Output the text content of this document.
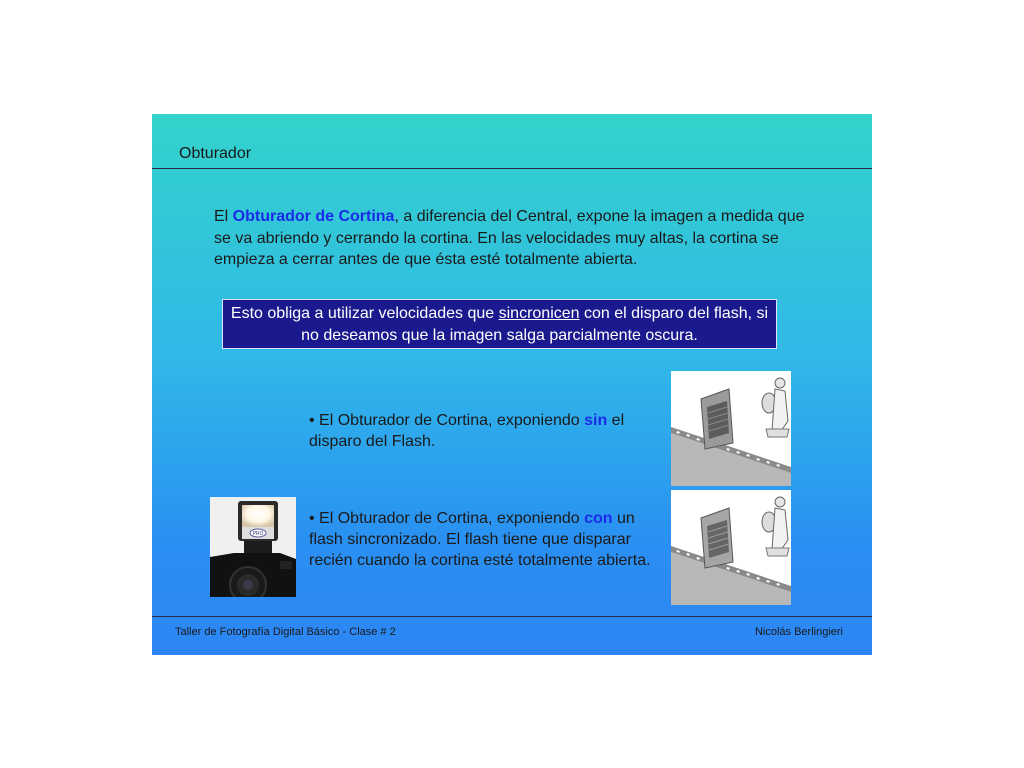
Obturador
El Obturador de Cortina, a diferencia del Central, expone la imagen a medida que se va abriendo y cerrando la cortina. En las velocidades muy altas, la cortina se empieza a cerrar antes de que ésta esté totalmente abierta.
Esto obliga a utilizar velocidades que sincronicen con el disparo del flash, si no deseamos que la imagen salga parcialmente oscura.
• El Obturador de Cortina, exponiendo sin el disparo del Flash.
• El Obturador de Cortina, exponiendo con un flash sincronizado. El flash tiene que disparar recién cuando la cortina esté totalmente abierta.
PRO
Taller de Fotografía Digital Básico - Clase # 2	Nicolás Berlingieri
